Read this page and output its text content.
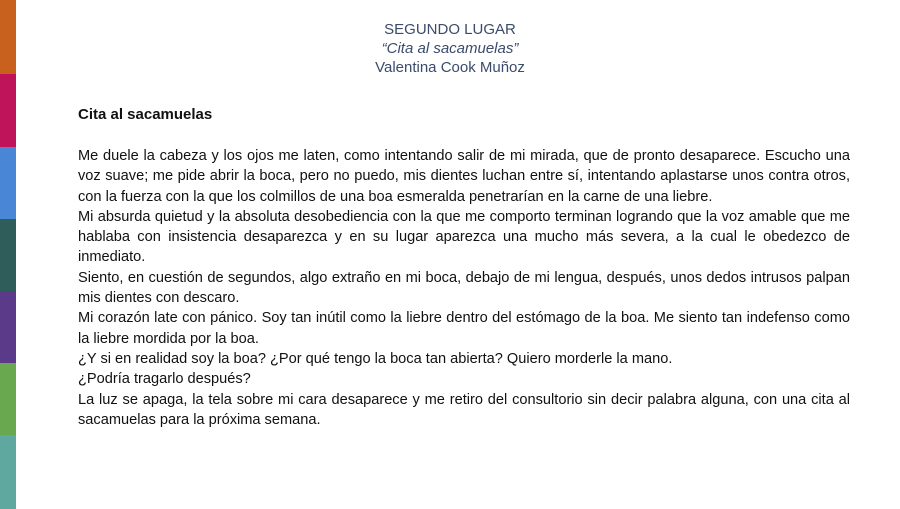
SEGUNDO LUGAR
“Cita al sacamuelas”
Valentina Cook Muñoz
Cita al sacamuelas

Me duele la cabeza y los ojos me laten, como intentando salir de mi mirada, que de pronto desaparece. Escucho una voz suave; me pide abrir la boca, pero no puedo, mis dientes luchan entre sí, intentando aplastarse unos contra otros, con la fuerza con la que los colmillos de una boa esmeralda penetrarían en la carne de una liebre.

Mi absurda quietud y la absoluta desobediencia con la que me comporto terminan logrando que la voz amable que me hablaba con insistencia desaparezca y en su lugar aparezca una mucho más severa, a la cual le obedezco de inmediato.

Siento, en cuestión de segundos, algo extraño en mi boca, debajo de mi lengua, después, unos dedos intrusos palpan mis dientes con descaro.

Mi corazón late con pánico. Soy tan inútil como la liebre dentro del estómago de la boa. Me siento tan indefenso como la liebre mordida por la boa.

¿Y si en realidad soy la boa? ¿Por qué tengo la boca tan abierta? Quiero morderle la mano.

¿Podría tragarlo después?

La luz se apaga, la tela sobre mi cara desaparece y me retiro del consultorio sin decir palabra alguna, con una cita al sacamuelas para la próxima semana.
